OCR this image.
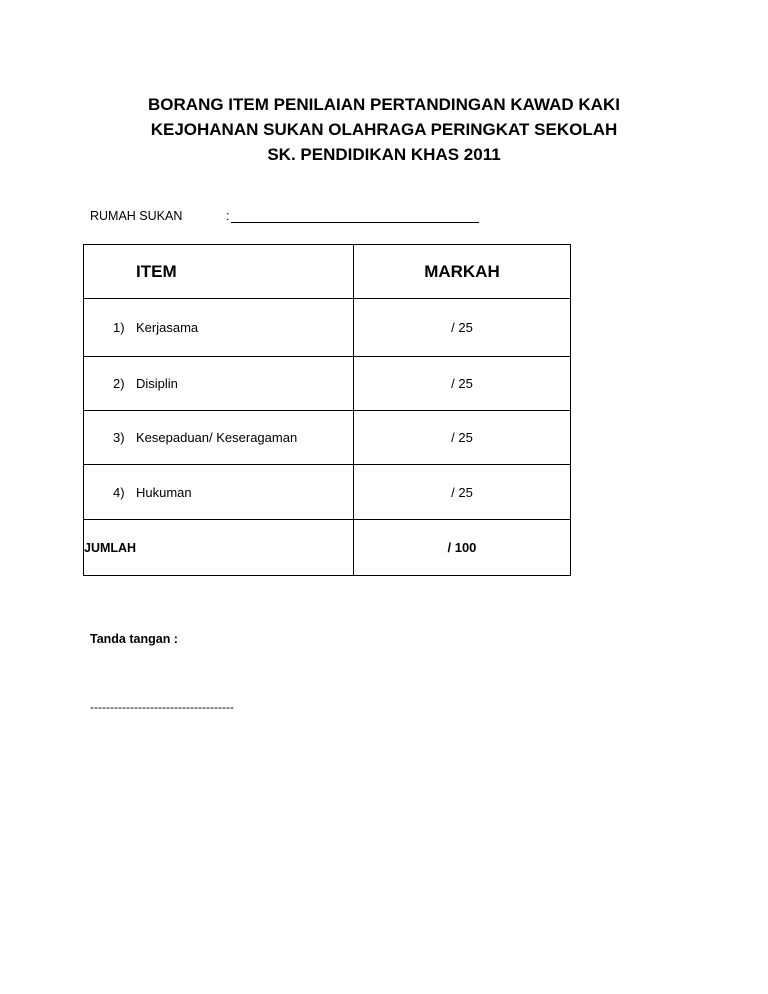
BORANG ITEM PENILAIAN PERTANDINGAN KAWAD KAKI
KEJOHANAN SUKAN OLAHRAGA PERINGKAT SEKOLAH
SK. PENDIDIKAN KHAS 2011
RUMAH SUKAN	:
ITEM	MARKAH

1) Kerjasama	/ 25

2) Disiplin	/ 25

3) Kesepaduan/ Keseragaman	/ 25

4) Hukuman	/ 25
JUMLAH	/ 100
Tanda tangan :
------------------------------------
